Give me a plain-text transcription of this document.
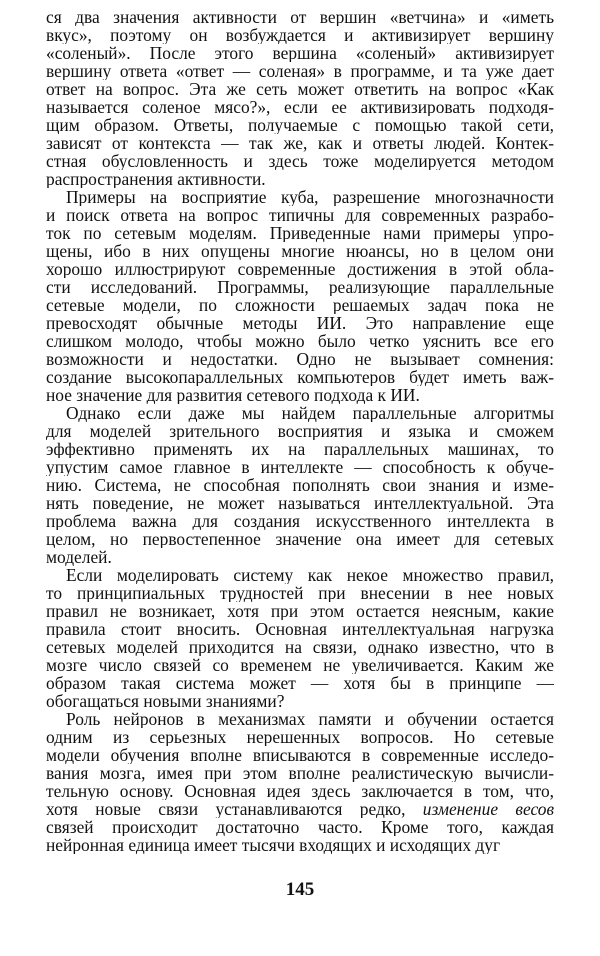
ся два значения активности от вершин «ветчина» и «иметь
вкус», поэтому он возбуждается и активизирует вершину
«соленый». После этого вершина «соленый» активизирует
вершину ответа «ответ — соленая» в программе, и та уже дает
ответ на вопрос. Эта же сеть может ответить на вопрос «Как
называется соленое мясо?», если ее активизировать подходя-
щим образом. Ответы, получаемые с помощью такой сети,
зависят от контекста — так же, как и ответы людей. Контек-
стная обусловленность и здесь тоже моделируется методом
распространения активности.
Примеры на восприятие куба, разрешение многозначности
и поиск ответа на вопрос типичны для современных разрабо-
ток по сетевым моделям. Приведенные нами примеры упро-
щены, ибо в них опущены многие нюансы, но в целом они
хорошо иллюстрируют современные достижения в этой обла-
сти исследований. Программы, реализующие параллельные
сетевые модели, по сложности решаемых задач пока не
превосходят обычные методы ИИ. Это направление еще
слишком молодо, чтобы можно было четко уяснить все его
возможности и недостатки. Одно не вызывает сомнения:
создание высокопараллельных компьютеров будет иметь важ-
ное значение для развития сетевого подхода к ИИ.
Однако если даже мы найдем параллельные алгоритмы
для моделей зрительного восприятия и языка и сможем
эффективно применять их на параллельных машинах, то
упустим самое главное в интеллекте — способность к обуче-
нию. Система, не способная пополнять свои знания и изме-
нять поведение, не может называться интеллектуальной. Эта
проблема важна для создания искусственного интеллекта в
целом, но первостепенное значение она имеет для сетевых
моделей.
Если моделировать систему как некое множество правил,
то принципиальных трудностей при внесении в нее новых
правил не возникает, хотя при этом остается неясным, какие
правила стоит вносить. Основная интеллектуальная нагрузка
сетевых моделей приходится на связи, однако известно, что в
мозге число связей со временем не увеличивается. Каким же
образом такая система может — хотя бы в принципе —
обогащаться новыми знаниями?
Роль нейронов в механизмах памяти и обучении остается
одним из серьезных нерешенных вопросов. Но сетевые
модели обучения вполне вписываются в современные исследо-
вания мозга, имея при этом вполне реалистическую вычисли-
тельную основу. Основная идея здесь заключается в том, что,
хотя новые связи устанавливаются редко, изменение весов
связей происходит достаточно часто. Кроме того, каждая
нейронная единица имеет тысячи входящих и исходящих дуг
145
